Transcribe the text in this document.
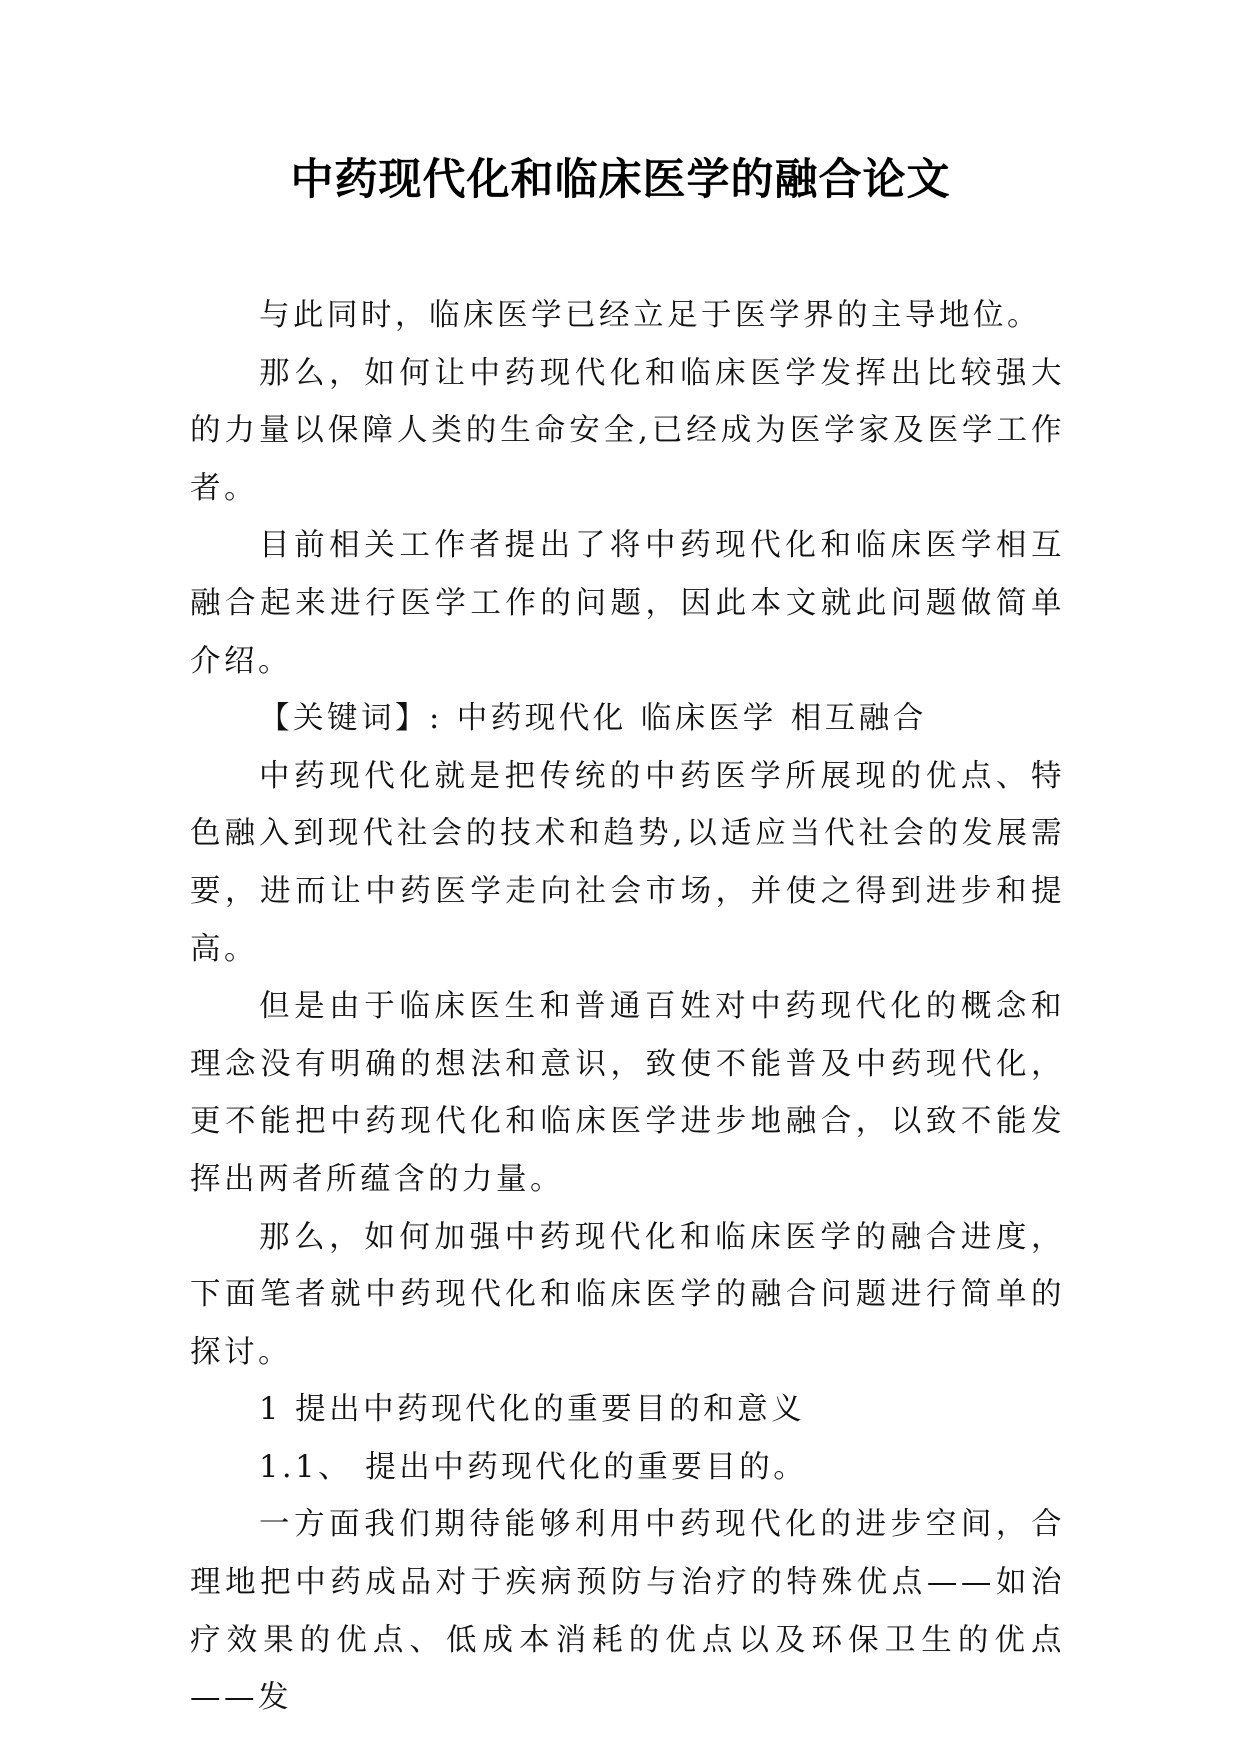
中药现代化和临床医学的融合论文

与此同时，临床医学已经立足于医学界的主导地位。

那么，如何让中药现代化和临床医学发挥出比较强大的力量以保障人类的生命安全,已经成为医学家及医学工作者。

目前相关工作者提出了将中药现代化和临床医学相互融合起来进行医学工作的问题，因此本文就此问题做简单介绍。

【关键词】: 中药现代化 临床医学 相互融合

中药现代化就是把传统的中药医学所展现的优点、特色融入到现代社会的技术和趋势,以适应当代社会的发展需要，进而让中药医学走向社会市场，并使之得到进步和提高。

但是由于临床医生和普通百姓对中药现代化的概念和理念没有明确的想法和意识，致使不能普及中药现代化，更不能把中药现代化和临床医学进步地融合，以致不能发挥出两者所蕴含的力量。

那么，如何加强中药现代化和临床医学的融合进度，下面笔者就中药现代化和临床医学的融合问题进行简单的探讨。

1 提出中药现代化的重要目的和意义

1.1、 提出中药现代化的重要目的。

一方面我们期待能够利用中药现代化的进步空间，合理地把中药成品对于疾病预防与治疗的特殊优点——如治疗效果的优点、低成本消耗的优点以及环保卫生的优点——发
